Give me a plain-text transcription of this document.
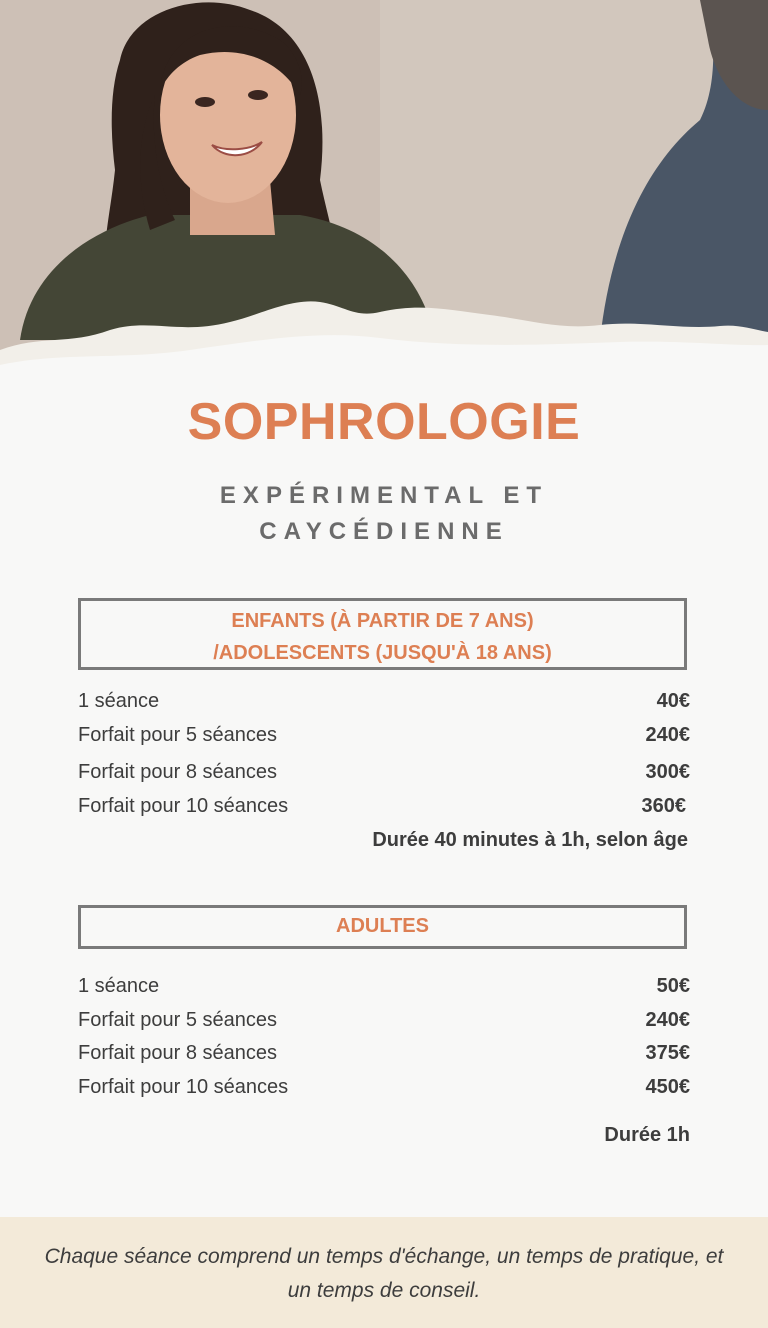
SOPHROLOGIE
EXPÉRIMENTAL ET
CAYCÉDIENNE
ENFANTS (À PARTIR DE 7 ANS)
/ADOLESCENTS (JUSQU'À 18 ANS)
1 séance	40€
Forfait pour 5 séances	240€
Forfait pour 8 séances	300€
Forfait pour 10 séances	360€
Durée 40 minutes à 1h, selon âge
ADULTES
1 séance	50€
Forfait pour 5 séances	240€
Forfait pour 8 séances	375€
Forfait pour 10 séances	450€
Durée 1h

Chaque séance comprend un temps d'échange, un temps de pratique, et un temps de conseil.
